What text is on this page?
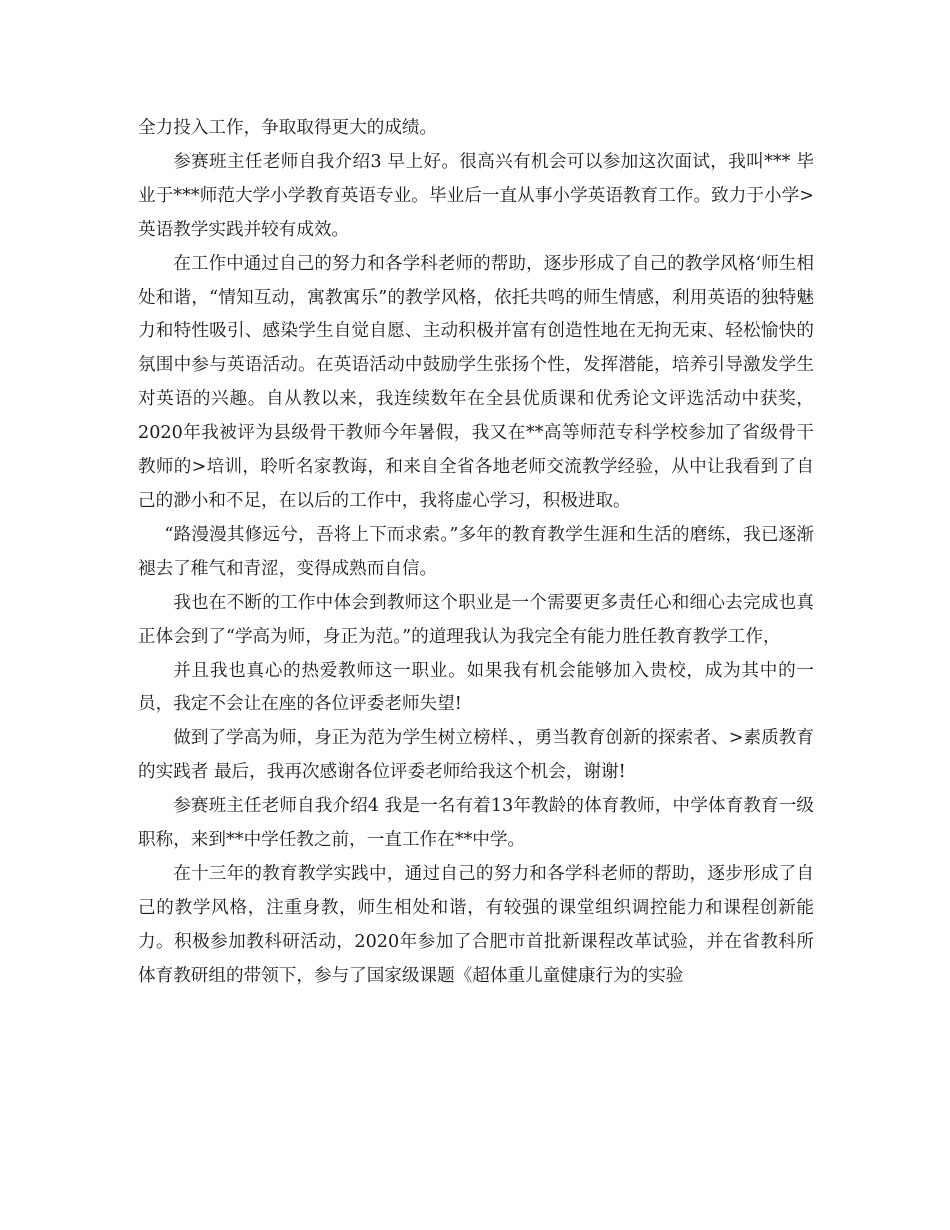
全力投入工作，争取取得更大的成绩。

参赛班主任老师自我介绍3 早上好。很高兴有机会可以参加这次面试，我叫*** 毕业于***师范大学小学教育英语专业。毕业后一直从事小学英语教育工作。致力于小学>英语教学实践并较有成效。

在工作中通过自己的努力和各学科老师的帮助，逐步形成了自己的教学风格‘师生相处和谐，“情知互动，寓教寓乐”的教学风格，依托共鸣的师生情感，利用英语的独特魅力和特性吸引、感染学生自觉自愿、主动积极并富有创造性地在无拘无束、轻松愉快的氛围中参与英语活动。在英语活动中鼓励学生张扬个性，发挥潜能，培养引导激发学生对英语的兴趣。自从教以来，我连续数年在全县优质课和优秀论文评选活动中获奖，2020年我被评为县级骨干教师今年暑假，我又在**高等师范专科学校参加了省级骨干教师的>培训，聆听名家教诲，和来自全省各地老师交流教学经验，从中让我看到了自己的渺小和不足，在以后的工作中，我将虚心学习，积极进取。

“路漫漫其修远兮，吾将上下而求索。”多年的教育教学生涯和生活的磨练，我已逐渐褪去了稚气和青涩，变得成熟而自信。

我也在不断的工作中体会到教师这个职业是一个需要更多责任心和细心去完成也真正体会到了“学高为师，身正为范。”的道理我认为我完全有能力胜任教育教学工作，

并且我也真心的热爱教师这一职业。如果我有机会能够加入贵校，成为其中的一员，我定不会让在座的各位评委老师失望!

做到了学高为师，身正为范为学生树立榜样、，勇当教育创新的探索者、>素质教育的实践者 最后，我再次感谢各位评委老师给我这个机会，谢谢!

参赛班主任老师自我介绍4 我是一名有着13年教龄的体育教师，中学体育教育一级职称，来到**中学任教之前，一直工作在**中学。

在十三年的教育教学实践中，通过自己的努力和各学科老师的帮助，逐步形成了自己的教学风格，注重身教，师生相处和谐，有较强的课堂组织调控能力和课程创新能力。积极参加教科研活动，2020年参加了合肥市首批新课程改革试验，并在省教科所体育教研组的带领下，参与了国家级课题《超体重儿童健康行为的实验
